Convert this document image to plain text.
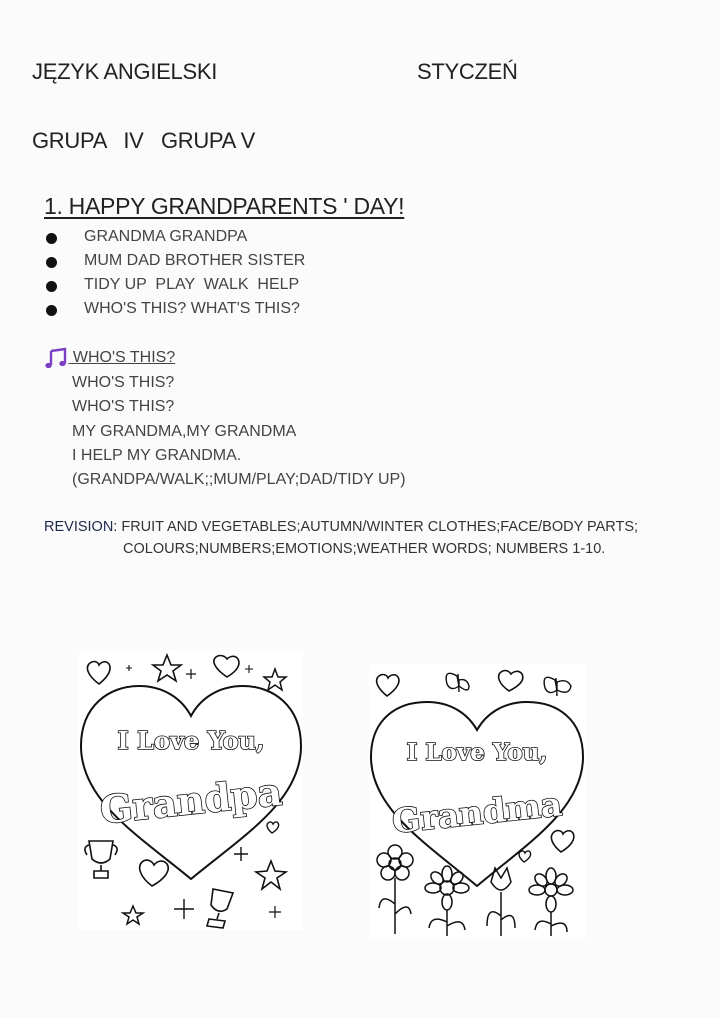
JĘZYK ANGIELSKI	STYCZEŃ
GRUPA   IV   GRUPA V
1. HAPPY GRANDPARENTS ' DAY!
GRANDMA GRANDPA
MUM DAD BROTHER SISTER
TIDY UP  PLAY  WALK  HELP
WHO'S THIS? WHAT'S THIS?
WHO'S THIS?
WHO'S THIS?
WHO'S THIS?
MY GRANDMA,MY GRANDMA
I HELP MY GRANDMA.
(GRANDPA/WALK;;MUM/PLAY;DAD/TIDY UP)
REVISION: FRUIT AND VEGETABLES;AUTUMN/WINTER CLOTHES;FACE/BODY PARTS;
COLOURS;NUMBERS;EMOTIONS;WEATHER WORDS; NUMBERS 1-10.
I Love You,
Grandpa
I Love You,
Grandma
